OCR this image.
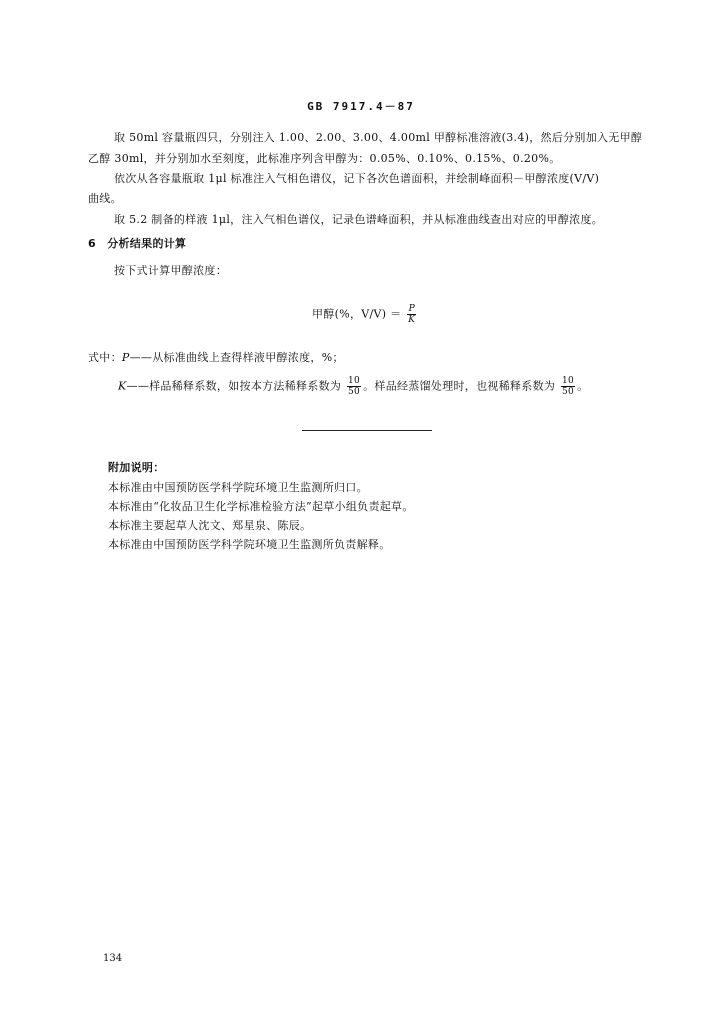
GB 7917.4－87
取 50ml 容量瓶四只，分别注入 1.00、2.00、3.00、4.00ml 甲醇标准溶液(3.4)，然后分别加入无甲醇
乙醇 30ml，并分别加水至刻度，此标准序列含甲醇为：0.05%、0.10%、0.15%、0.20%。
依次从各容量瓶取 1μl 标准注入气相色谱仪，记下各次色谱面积，并绘制峰面积－甲醇浓度(V/V)
曲线。
取 5.2 制备的样液 1μl，注入气相色谱仪，记录色谱峰面积，并从标准曲线查出对应的甲醇浓度。
6　分析结果的计算
按下式计算甲醇浓度：
甲醇(%，$V/V) = \frac{P}{K}$
式中：P——从标准曲线上查得样液甲醇浓度，%；
K——样品稀释系数，如按本方法稀释系数为 $\frac{10}{50}$ 。样品经蒸馏处理时，也视稀释系数为 $\frac{10}{50}$ 。
附加说明：
本标准由中国预防医学科学院环境卫生监测所归口。
本标准由“化妆品卫生化学标准检验方法”起草小组负责起草。
本标准主要起草人沈文、郑星泉、陈辰。
本标准由中国预防医学科学院环境卫生监测所负责解释。
134
